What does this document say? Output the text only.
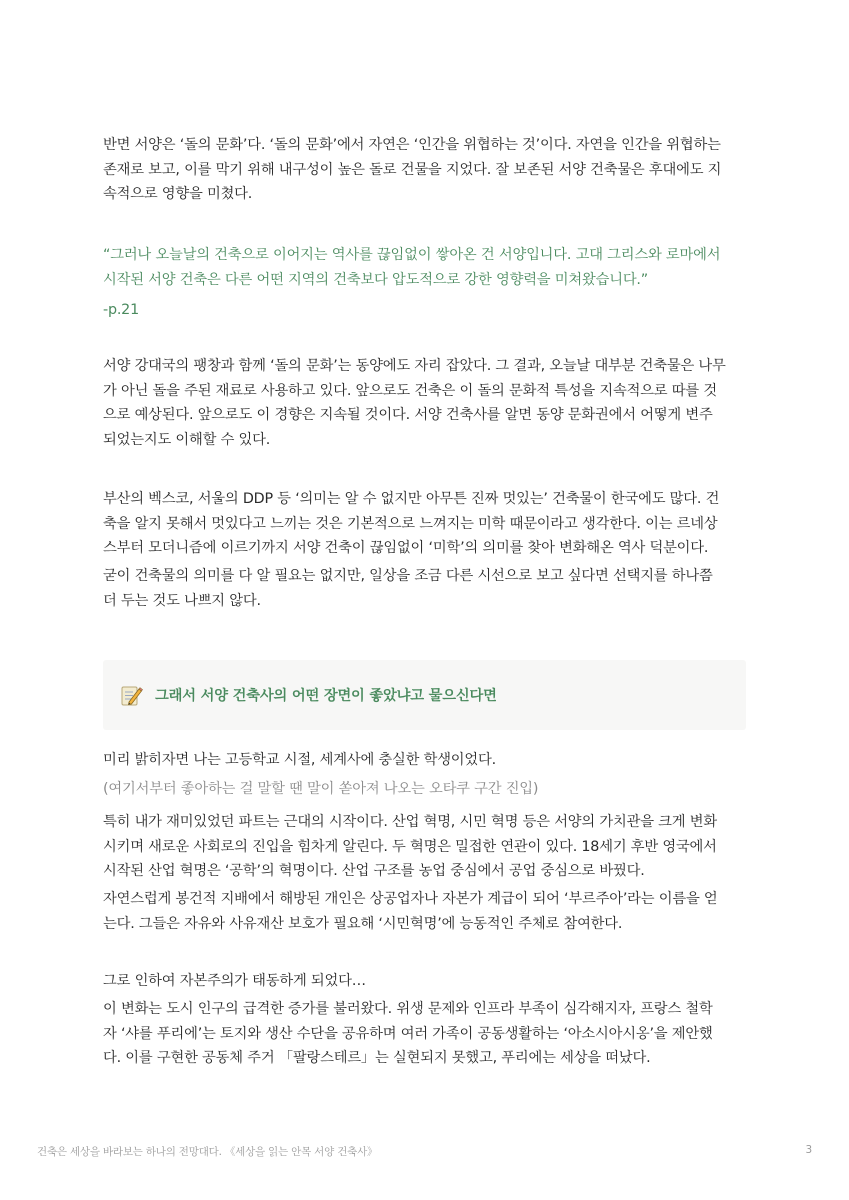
반면 서양은 ‘돌의 문화’다. ‘돌의 문화’에서 자연은 ‘인간을 위협하는 것’이다. 자연을 인간을 위협하는

존재로 보고, 이를 막기 위해 내구성이 높은 돌로 건물을 지었다. 잘 보존된 서양 건축물은 후대에도 지

속적으로 영향을 미쳤다.

“그러나 오늘날의 건축으로 이어지는 역사를 끊임없이 쌓아온 건 서양입니다. 고대 그리스와 로마에서

시작된 서양 건축은 다른 어떤 지역의 건축보다 압도적으로 강한 영향력을 미쳐왔습니다.”

-p.21

서양 강대국의 팽창과 함께 ‘돌의 문화’는 동양에도 자리 잡았다. 그 결과, 오늘날 대부분 건축물은 나무

가 아닌 돌을 주된 재료로 사용하고 있다. 앞으로도 건축은 이 돌의 문화적 특성을 지속적으로 따를 것

으로 예상된다. 앞으로도 이 경향은 지속될 것이다. 서양 건축사를 알면 동양 문화권에서 어떻게 변주

되었는지도 이해할 수 있다.

부산의 벡스코, 서울의 DDP 등 ‘의미는 알 수 없지만 아무튼 진짜 멋있는’ 건축물이 한국에도 많다. 건

축을 알지 못해서 멋있다고 느끼는 것은 기본적으로 느껴지는 미학 때문이라고 생각한다. 이는 르네상

스부터 모더니즘에 이르기까지 서양 건축이 끊임없이 ‘미학’의 의미를 찾아 변화해온 역사 덕분이다.

굳이 건축물의 의미를 다 알 필요는 없지만, 일상을 조금 다른 시선으로 보고 싶다면 선택지를 하나쯤

더 두는 것도 나쁘지 않다.

미리 밝히자면 나는 고등학교 시절, 세계사에 충실한 학생이었다.

(여기서부터 좋아하는 걸 말할 땐 말이 쏟아져 나오는 오타쿠 구간 진입)

특히 내가 재미있었던 파트는 근대의 시작이다. 산업 혁명, 시민 혁명 등은 서양의 가치관을 크게 변화

시키며 새로운 사회로의 진입을 힘차게 알린다. 두 혁명은 밀접한 연관이 있다. 18세기 후반 영국에서

시작된 산업 혁명은 ‘공학’의 혁명이다. 산업 구조를 농업 중심에서 공업 중심으로 바꿨다.

자연스럽게 봉건적 지배에서 해방된 개인은 상공업자나 자본가 계급이 되어 ‘부르주아’라는 이름을 얻

는다. 그들은 자유와 사유재산 보호가 필요해 ‘시민혁명’에 능동적인 주체로 참여한다.

그로 인하여 자본주의가 태동하게 되었다…

이 변화는 도시 인구의 급격한 증가를 불러왔다. 위생 문제와 인프라 부족이 심각해지자, 프랑스 철학

자 ‘샤를 푸리에’는 토지와 생산 수단을 공유하며 여러 가족이 공동생활하는 ‘아소시아시옹’을 제안했

다. 이를 구현한 공동체 주거 「팔랑스테르」는 실현되지 못했고, 푸리에는 세상을 떠났다.

그래서 서양 건축사의 어떤 장면이 좋았냐고 물으신다면
건축은 세상을 바라보는 하나의 전망대다. 《세상을 읽는 안목 서양 건축사》	3
